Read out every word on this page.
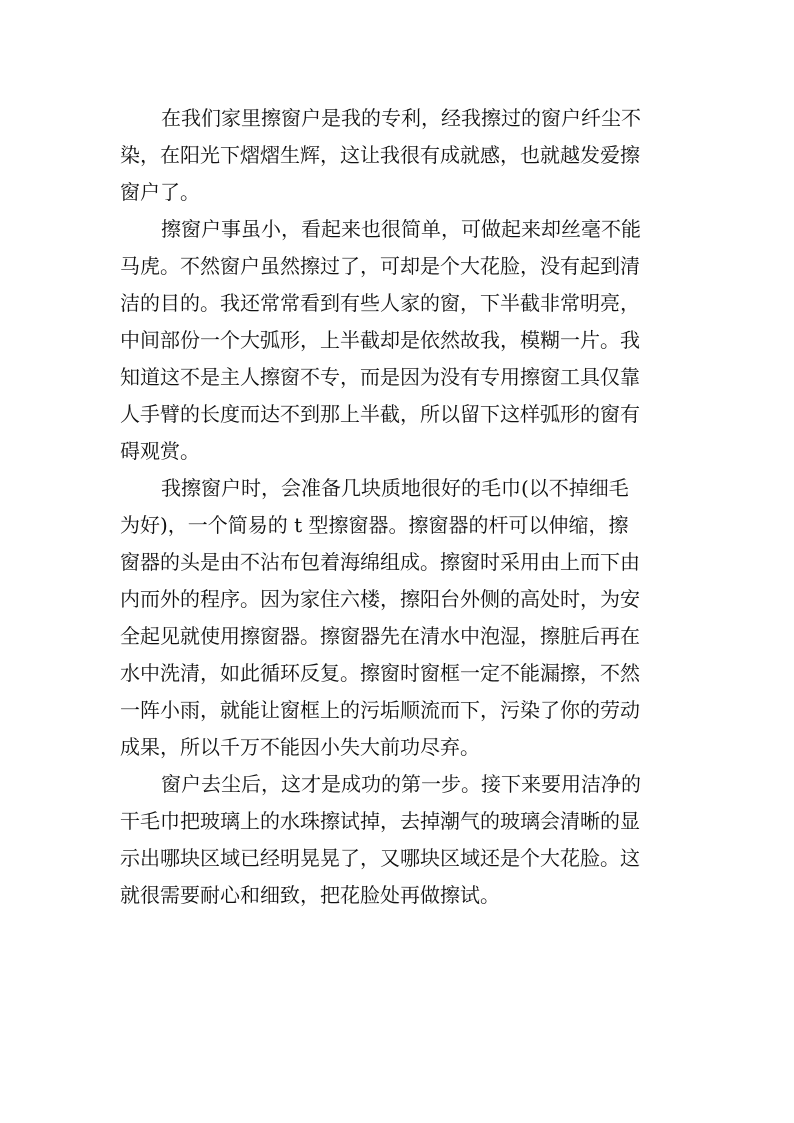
在我们家里擦窗户是我的专利，经我擦过的窗户纤尘不
染，在阳光下熠熠生辉，这让我很有成就感，也就越发爱擦
窗户了。
擦窗户事虽小，看起来也很简单，可做起来却丝毫不能
马虎。不然窗户虽然擦过了，可却是个大花脸，没有起到清
洁的目的。我还常常看到有些人家的窗，下半截非常明亮，
中间部份一个大弧形，上半截却是依然故我，模糊一片。我
知道这不是主人擦窗不专，而是因为没有专用擦窗工具仅靠
人手臂的长度而达不到那上半截，所以留下这样弧形的窗有
碍观赏。
我擦窗户时，会准备几块质地很好的毛巾(以不掉细毛
为好)，一个简易的 t 型擦窗器。擦窗器的杆可以伸缩，擦
窗器的头是由不沾布包着海绵组成。擦窗时采用由上而下由
内而外的程序。因为家住六楼，擦阳台外侧的高处时，为安
全起见就使用擦窗器。擦窗器先在清水中泡湿，擦脏后再在
水中洗清，如此循环反复。擦窗时窗框一定不能漏擦，不然
一阵小雨，就能让窗框上的污垢顺流而下，污染了你的劳动
成果，所以千万不能因小失大前功尽弃。
窗户去尘后，这才是成功的第一步。接下来要用洁净的
干毛巾把玻璃上的水珠擦试掉，去掉潮气的玻璃会清晰的显
示出哪块区域已经明晃晃了，又哪块区域还是个大花脸。这
就很需要耐心和细致，把花脸处再做擦试。
